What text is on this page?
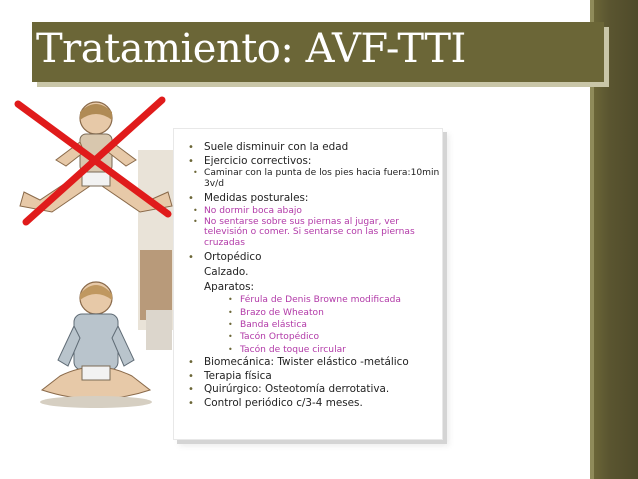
Tratamiento: AVF-TTI
• Suele disminuir con la edad
• Ejercicio correctivos:
• Caminar con la punta de los pies hacia fuera:10min 3v/d
• Medidas posturales:
• No dormir boca abajo
• No sentarse sobre sus piernas al jugar, ver televisión o comer. Si sentarse con las piernas cruzadas
• Ortopédico
Calzado.
Aparatos:
• Férula de Denis Browne modificada
• Brazo de Wheaton
• Banda elástica
• Tacón Ortopédico
• Tacón de toque circular
• Biomecánica: Twister elástico -metálico
• Terapia física
• Quirúrgico: Osteotomía derrotativa.
• Control periódico c/3-4 meses.
